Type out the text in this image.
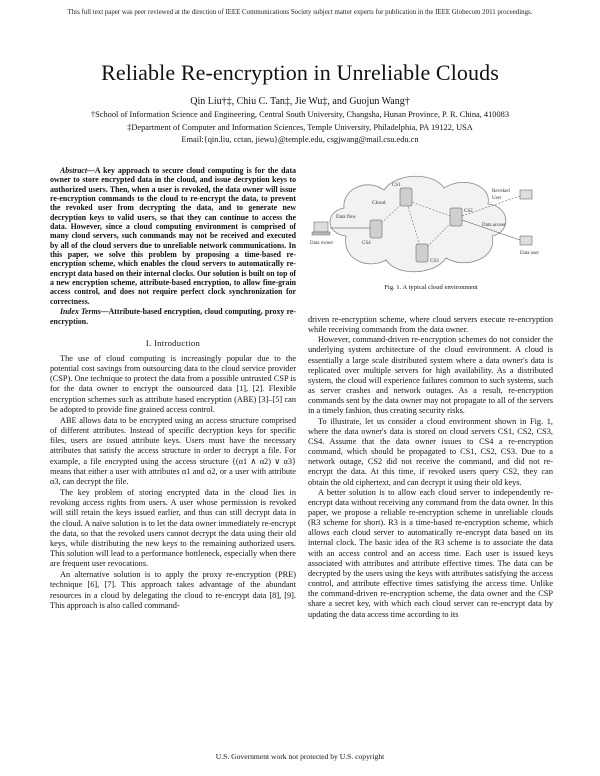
This full text paper was peer reviewed at the direction of IEEE Communications Society subject matter experts for publication in the IEEE Globecom 2011 proceedings.
Reliable Re-encryption in Unreliable Clouds
Qin Liu†‡, Chiu C. Tan‡, Jie Wu‡, and Guojun Wang†
†School of Information Science and Engineering, Central South University, Changsha, Hunan Province, P. R. China, 410083
‡Department of Computer and Information Sciences, Temple University, Philadelphia, PA 19122, USA
Email:{qin.liu, cctan, jiewu}@temple.edu, csgjwang@mail.csu.edu.cn

Abstract—A key approach to secure cloud computing is for the data owner to store encrypted data in the cloud, and issue decryption keys to authorized users. Then, when a user is revoked, the data owner will issue re-encryption commands to the cloud to re-encrypt the data, to prevent the revoked user from decrypting the data, and to generate new decryption keys to valid users, so that they can continue to access the data. However, since a cloud computing environment is comprised of many cloud servers, such commands may not be received and executed by all of the cloud servers due to unreliable network communications. In this paper, we solve this problem by proposing a time-based re-encryption scheme, which enables the cloud servers to automatically re-encrypt data based on their internal clocks. Our solution is built on top of a new encryption scheme, attribute-based encryption, to allow fine-grain access control, and does not require perfect clock synchronization for correctness.

Index Terms—Attribute-based encryption, cloud computing, proxy re-encryption.

I. Introduction

The use of cloud computing is increasingly popular due to the potential cost savings from outsourcing data to the cloud service provider (CSP). One technique to protect the data from a possible untrusted CSP is for the data owner to encrypt the outsourced data [1], [2]. Flexible encryption schemes such as attribute based encryption (ABE) [3]–[5] can be adopted to provide fine grained access control.

ABE allows data to be encrypted using an access structure comprised of different attributes. Instead of specific decryption keys for specific files, users are issued attribute keys. Users must have the necessary attributes that satisfy the access structure in order to decrypt a file. For example, a file encrypted using the access structure {(α1 ∧ α2) ∨ α3} means that either a user with attributes α1 and α2, or a user with attribute α3, can decrypt the file.

The key problem of storing encrypted data in the cloud lies in revoking access rights from users. A user whose permission is revoked will still retain the keys issued earlier, and thus can still decrypt data in the cloud. A naïve solution is to let the data owner immediately re-encrypt the data, so that the revoked users cannot decrypt the data using their old keys, while distributing the new keys to the remaining authorized users. This solution will lead to a performance bottleneck, especially when there are frequent user revocations.

An alternative solution is to apply the proxy re-encryption (PRE) technique [6], [7]. This approach takes advantage of the abundant resources in a cloud by delegating the cloud to re-encrypt data [8], [9]. This approach is also called command-

CS1
CS2
CS3
CS4
Cloud
Data owner
Data flow
Revoked
User
Data user
Data access
Fig. 1. A typical cloud environment

driven re-encryption scheme, where cloud servers execute re-encryption while receiving commands from the data owner.

However, command-driven re-encryption schemes do not consider the underlying system architecture of the cloud environment. A cloud is essentially a large scale distributed system where a data owner's data is replicated over multiple servers for high availability. As a distributed system, the cloud will experience failures common to such systems, such as server crashes and network outages. As a result, re-encryption commands sent by the data owner may not propagate to all of the servers in a timely fashion, thus creating security risks.

To illustrate, let us consider a cloud environment shown in Fig. 1, where the data owner's data is stored on cloud servers CS1, CS2, CS3, CS4. Assume that the data owner issues to CS4 a re-encryption command, which should be propagated to CS1, CS2, CS3. Due to a network outage, CS2 did not receive the command, and did not re-encrypt the data. At this time, if revoked users query CS2, they can obtain the old ciphertext, and can decrypt it using their old keys.

A better solution is to allow each cloud server to independently re-encrypt data without receiving any command from the data owner. In this paper, we propose a reliable re-encryption scheme in unreliable clouds (R3 scheme for short). R3 is a time-based re-encryption scheme, which allows each cloud server to automatically re-encrypt data based on its internal clock. The basic idea of the R3 scheme is to associate the data with an access control and an access time. Each user is issued keys associated with attributes and attribute effective times. The data can be decrypted by the users using the keys with attributes satisfying the access control, and attribute effective times satisfying the access time. Unlike the command-driven re-encryption scheme, the data owner and the CSP share a secret key, with which each cloud server can re-encrypt data by updating the data access time according to its

U.S. Government work not protected by U.S. copyright
